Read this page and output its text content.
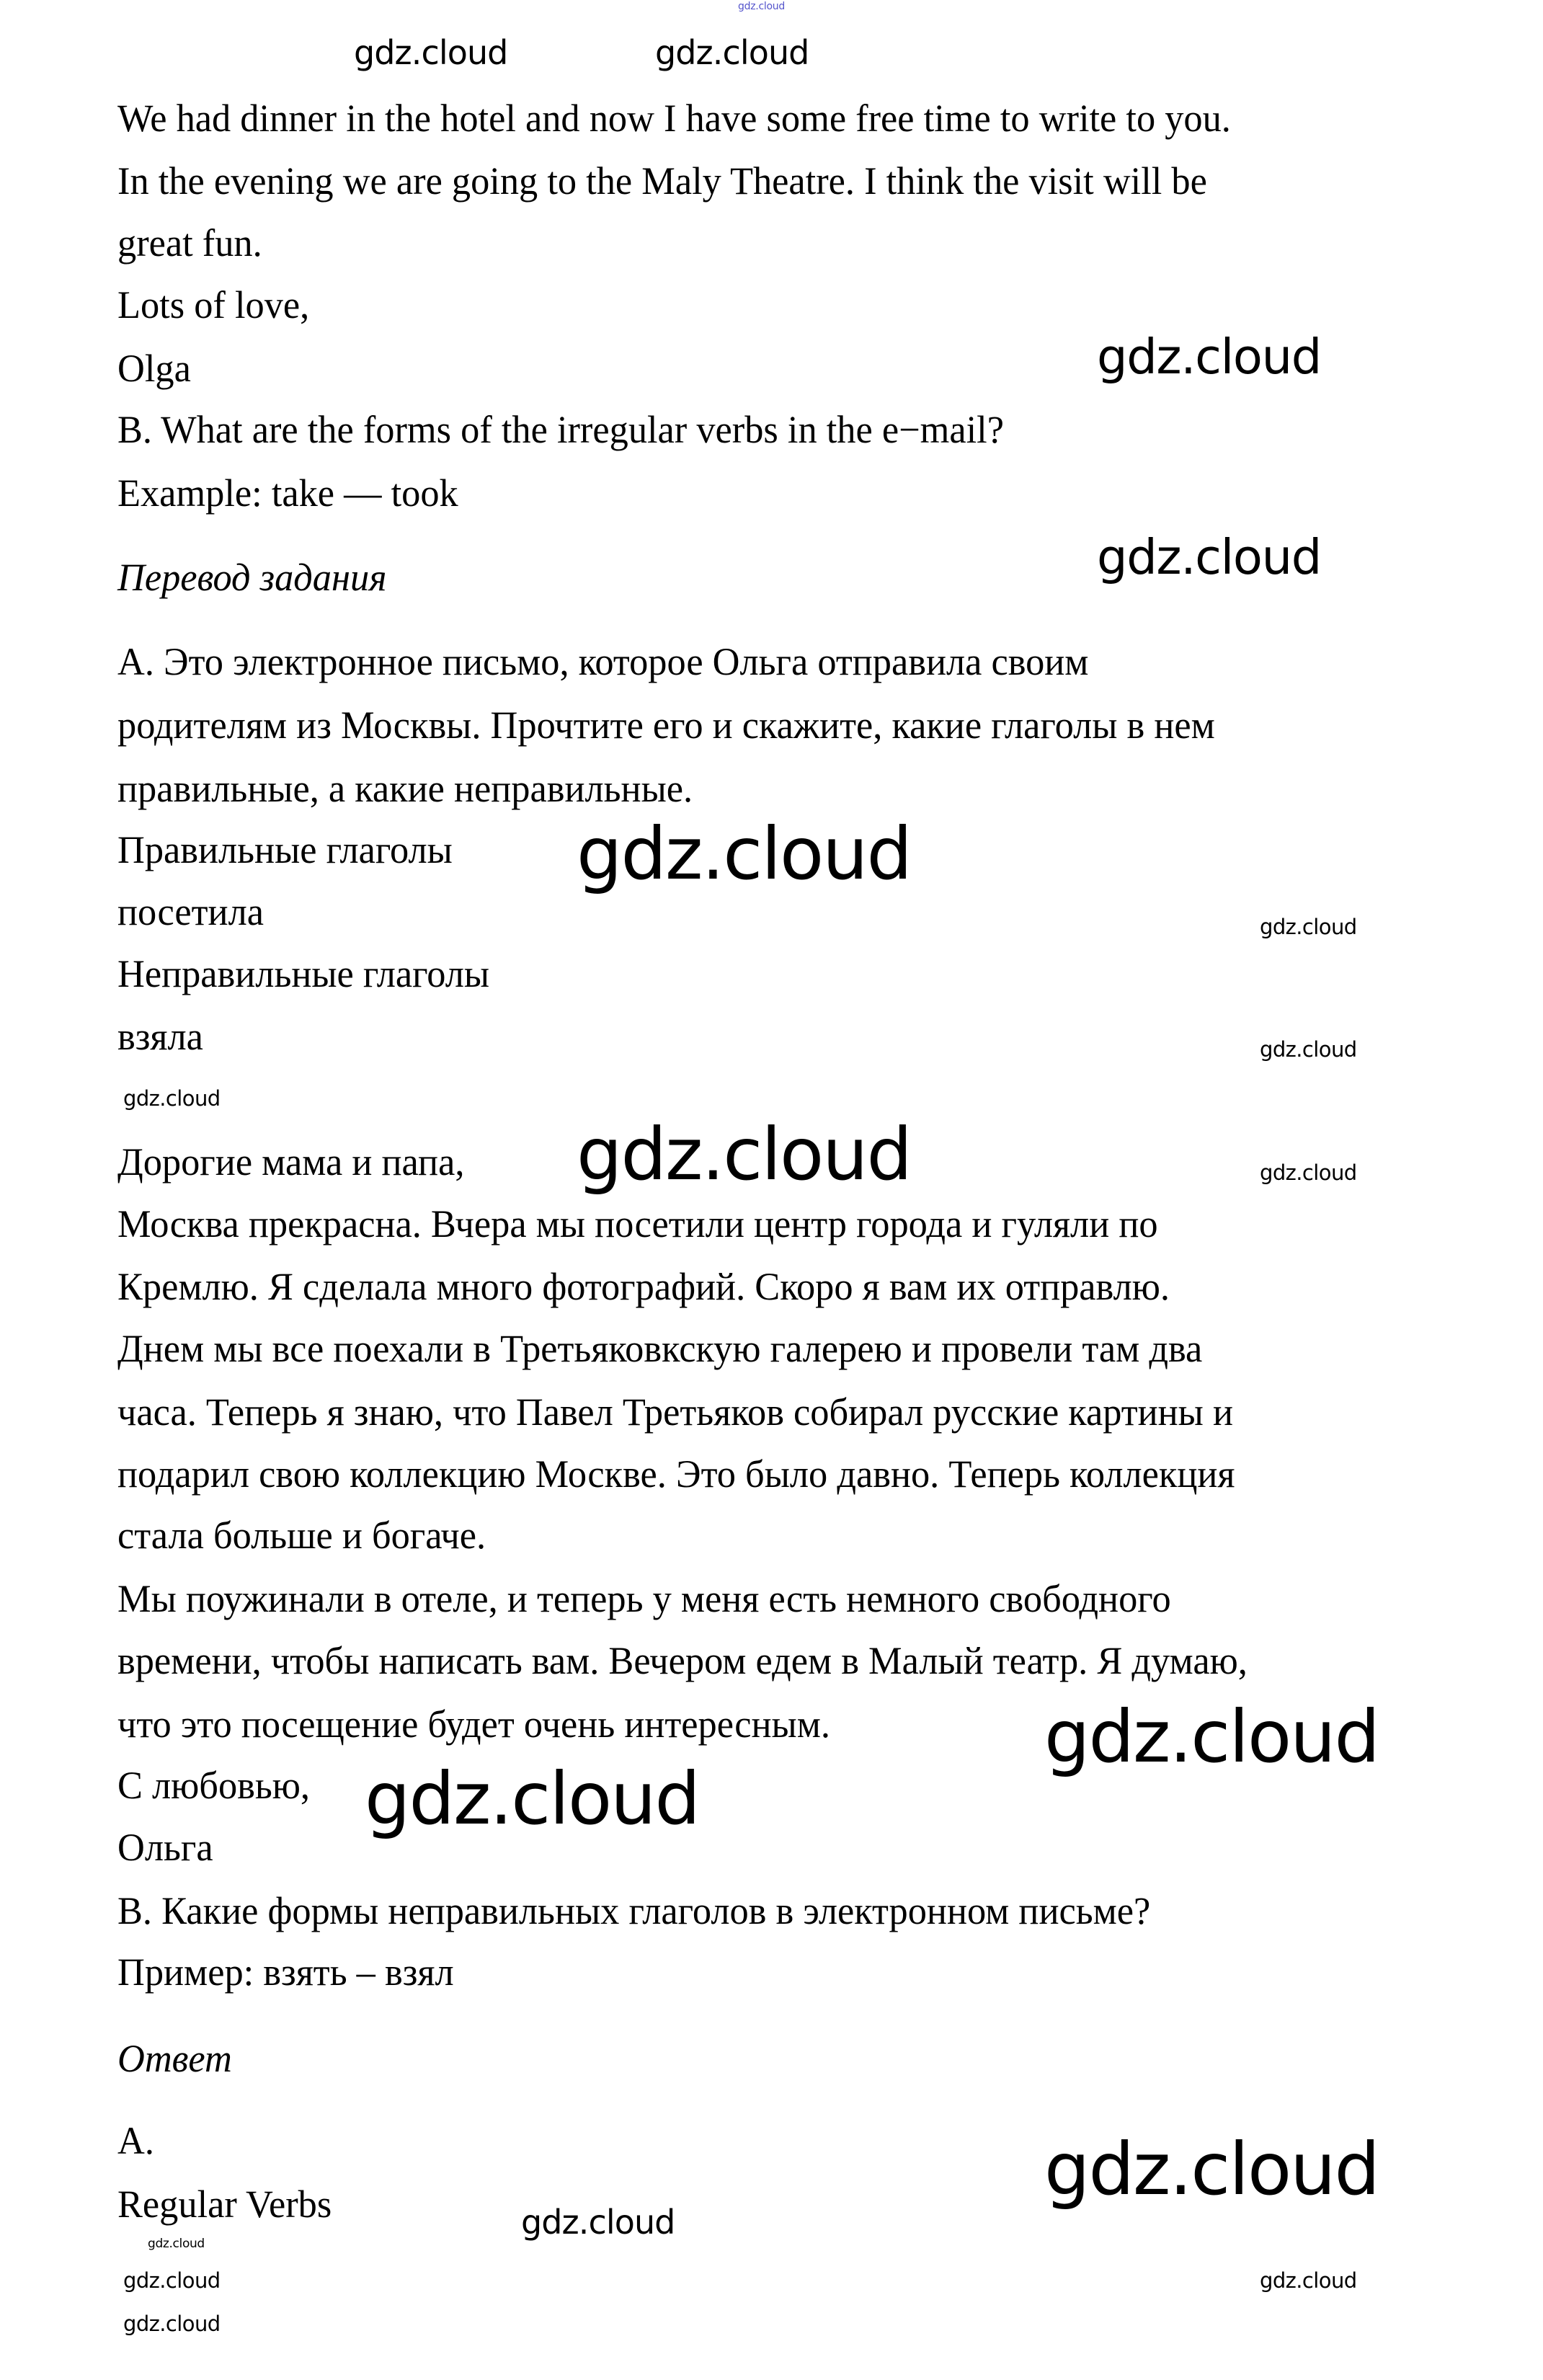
We had dinner in the hotel and now I have some free time to write to you.
In the evening we are going to the Maly Theatre. I think the visit will be
great fun.
Lots of love,
Olga
B. What are the forms of the irregular verbs in the e−mail?
Example: take — took
Перевод задания
А. Это электронное письмо, которое Ольга отправила своим
родителям из Москвы. Прочтите его и скажите, какие глаголы в нем
правильные, а какие неправильные.
Правильные глаголы
посетила
Неправильные глаголы
взяла
Дорогие мама и папа,
Москва прекрасна. Вчера мы посетили центр города и гуляли по
Кремлю. Я сделала много фотографий. Скоро я вам их отправлю.
Днем мы все поехали в Третьяковкскую галерею и провели там два
часа. Теперь я знаю, что Павел Третьяков собирал русские картины и
подарил свою коллекцию Москве. Это было давно. Теперь коллекция
стала больше и богаче.
Мы поужинали в отеле, и теперь у меня есть немного свободного
времени, чтобы написать вам. Вечером едем в Малый театр. Я думаю,
что это посещение будет очень интересным.
С любовью,
Ольга
В. Какие формы неправильных глаголов в электронном письме?
Пример: взять – взял
Ответ
A.
Regular Verbs
gdz.cloud
gdz.cloud	gdz.cloud
gdz.cloud
gdz.cloud
gdz.cloud
gdz.cloud
gdz.cloud
gdz.cloud
gdz.cloud	gdz.cloud
gdz.cloud
gdz.cloud
gdz.cloud
gdz.cloud
gdz.cloud
gdz.cloud
gdz.cloud
gdz.cloud
